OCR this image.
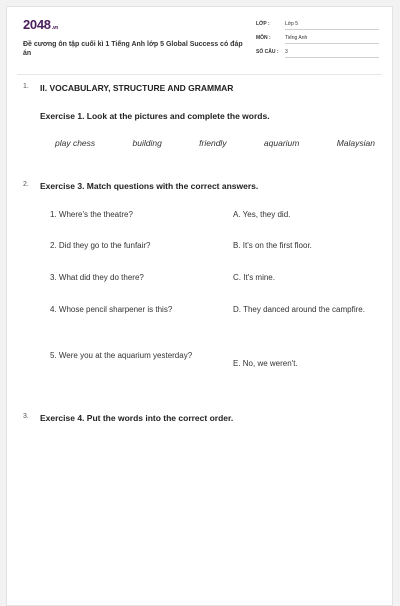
2048.vn
Đề cương ôn tập cuối kì 1 Tiếng Anh lớp 5 Global Success có đáp án
LỚP :	Lớp 5
MÔN :	Tiếng Anh
SỐ CÂU : 3
1. II. VOCABULARY, STRUCTURE AND GRAMMAR
Exercise 1. Look at the pictures and complete the words.
play chess	building	friendly	aquarium	Malaysian
2. Exercise 3. Match questions with the correct answers.
1. Where's the theatre?
2. Did they go to the funfair?
3. What did they do there?
4. Whose pencil sharpener is this?
5. Were you at the aquarium yesterday?
A. Yes, they did.
B. It's on the first floor.
C. It's mine.
D. They danced around the campfire.
E. No, we weren't.
3. Exercise 4. Put the words into the correct order.
